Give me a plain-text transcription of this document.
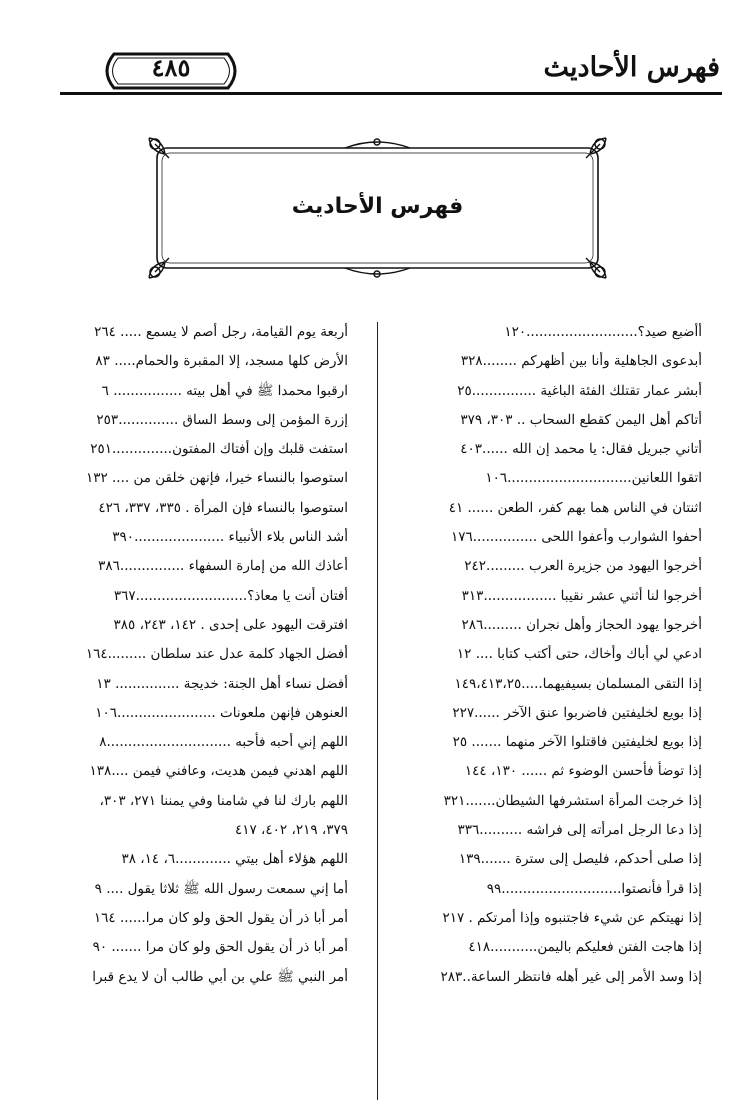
فهرس الأحاديث
٤٨٥
فهرس الأحاديث
أأضبع صيد؟..........................١٢٠
أبدعوى الجاهلية وأنا بين أظهركم ........٣٢٨
أبشر عمار تقتلك الفئة الباغية ...............٢٥
أتاكم أهل اليمن كقطع السحاب .. ٣٠٣، ٣٧٩
أتاني جبريل فقال: يا محمد إن الله ......٤٠٣
اتقوا اللعانين.............................١٠٦
اثنتان في الناس هما بهم كفر، الطعن ...... ٤١
أحفوا الشوارب وأعفوا اللحى ...............١٧٦
أخرجوا اليهود من جزيرة العرب .........٢٤٢
أخرجوا لنا أثني عشر نقيبا .................٣١٣
أخرجوا يهود الحجاز وأهل نجران .........٢٨٦
ادعي لي أباك وأخاك، حتى أكتب كتابا .... ١٢
إذا التقى المسلمان بسيفيهما.....١٤٩،٤١٣،٢٥
إذا بويع لخليفتين فاضربوا عنق الآخر ......٢٢٧
إذا بويع لخليفتين فاقتلوا الآخر منهما ....... ٢٥
إذا توضأ فأحسن الوضوء ثم ...... ١٣٠، ١٤٤
إذا خرجت المرأة استشرفها الشيطان.......٣٢١
إذا دعا الرجل امرأته إلى فراشه ..........٣٣٦
إذا صلى أحدكم، فليصل إلى سترة .......١٣٩
إذا قرأ فأنصتوا............................٩٩
إذا نهيتكم عن شيء فاجتنبوه وإذا أمرتكم . ٢١٧
إذا هاجت الفتن فعليكم باليمن...........٤١٨
إذا وسد الأمر إلى غير أهله فانتظر الساعة..٢٨٣
أربعة يوم القيامة، رجل أصم لا يسمع ..... ٢٦٤
الأرض كلها مسجد، إلا المقبرة والحمام..... ٨٣
ارقبوا محمدا ﷺ في أهل بيته ................ ٦
إزرة المؤمن إلى وسط الساق ..............٢٥٣
استفت قلبك وإن أفتاك المفتون..............٢٥١
استوصوا بالنساء خيرا، فإنهن خلقن من .... ١٣٢
استوصوا بالنساء فإن المرأة . ٣٣٥، ٣٣٧، ٤٢٦
أشد الناس بلاء الأنبياء .....................٣٩٠
أعاذك الله من إمارة السفهاء ...............٣٨٦
أفتان أنت يا معاذ؟..........................٣٦٧
افترقت اليهود على إحدى . ١٤٢، ٢٤٣، ٣٨٥
أفضل الجهاد كلمة عدل عند سلطان .........١٦٤
أفضل نساء أهل الجنة: خديجة ............... ١٣
العنوهن فإنهن ملعونات .......................١٠٦
اللهم إني أحبه فأحبه .............................٨
اللهم اهدني فيمن هديت، وعافني فيمن ....١٣٨
اللهم بارك لنا في شامنا وفي يمننا ٢٧١، ٣٠٣،
٣٧٩، ٢١٩، ٤٠٢، ٤١٧
اللهم هؤلاء أهل بيتي .............٦، ١٤، ٣٨
أما إني سمعت رسول الله ﷺ ثلاثا يقول .... ٩
أمر أبا ذر أن يقول الحق ولو كان مرا...... ١٦٤
أمر أبا ذر أن يقول الحق ولو كان مرا ....... ٩٠
أمر النبي ﷺ علي بن أبي طالب أن لا يدع قبرا
